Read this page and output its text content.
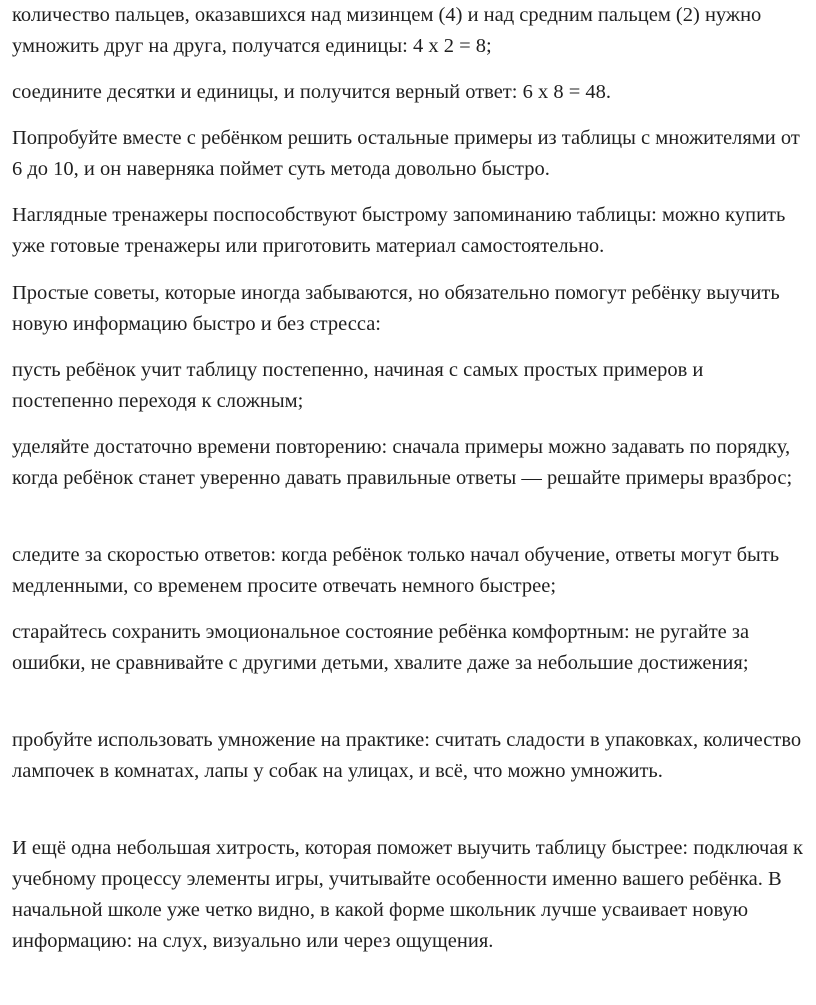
количество пальцев, оказавшихся над мизинцем (4) и над средним пальцем (2) нужно умножить друг на друга, получатся единицы: 4 х 2 = 8;

соедините десятки и единицы, и получится верный ответ: 6 х 8 = 48.

Попробуйте вместе с ребёнком решить остальные примеры из таблицы с множителями от 6 до 10, и он наверняка поймет суть метода довольно быстро.

Наглядные тренажеры поспособствуют быстрому запоминанию таблицы: можно купить уже готовые тренажеры или приготовить материал самостоятельно.

Простые советы, которые иногда забываются, но обязательно помогут ребёнку выучить новую информацию быстро и без стресса:

пусть ребёнок учит таблицу постепенно, начиная с самых простых примеров и постепенно переходя к сложным;

уделяйте достаточно времени повторению: сначала примеры можно задавать по порядку, когда ребёнок станет уверенно давать правильные ответы — решайте примеры вразброс;

следите за скоростью ответов: когда ребёнок только начал обучение, ответы могут быть медленными, со временем просите отвечать немного быстрее;

старайтесь сохранить эмоциональное состояние ребёнка комфортным: не ругайте за ошибки, не сравнивайте с другими детьми, хвалите даже за небольшие достижения;

пробуйте использовать умножение на практике: считать сладости в упаковках, количество лампочек в комнатах, лапы у собак на улицах, и всё, что можно умножить.

И ещё одна небольшая хитрость, которая поможет выучить таблицу быстрее: подключая к учебному процессу элементы игры, учитывайте особенности именно вашего ребёнка. В начальной школе уже четко видно, в какой форме школьник лучше усваивает новую информацию: на слух, визуально или через ощущения.
